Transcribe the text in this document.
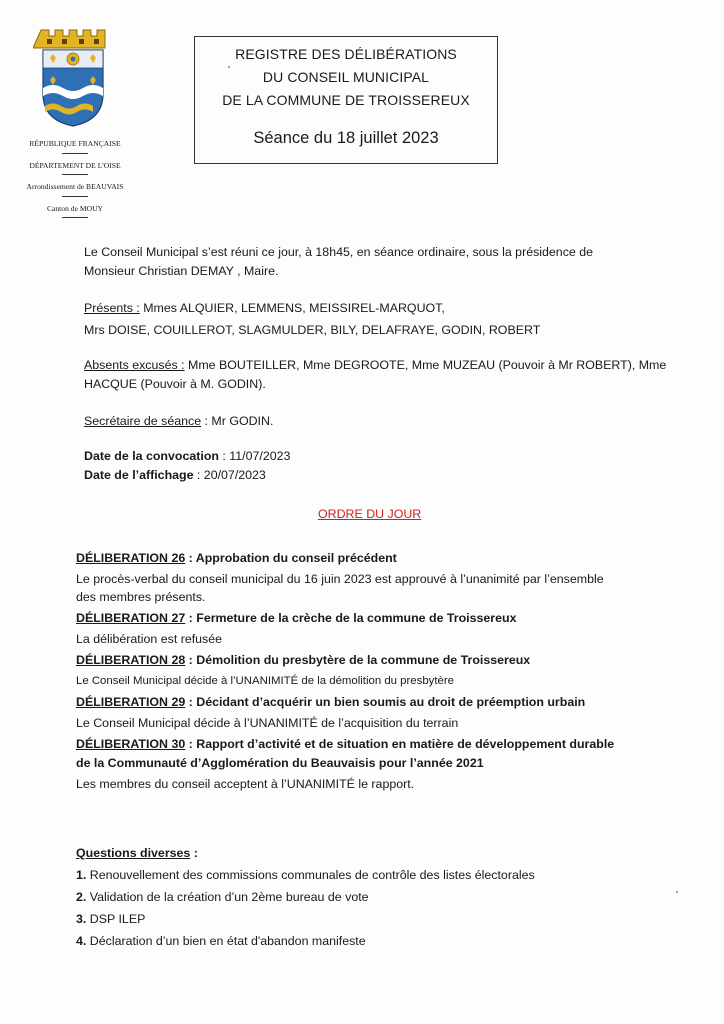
RÉPUBLIQUE FRANÇAISE
DÉPARTEMENT DE L'OISE
Arrondissement de BEAUVAIS
Canton de MOUY
REGISTRE DES DÉLIBÉRATIONS
DU CONSEIL MUNICIPAL
DE LA COMMUNE DE TROISSEREUX
Séance du 18 juillet 2023

Le Conseil Municipal s’est réuni ce jour, à 18h45, en séance ordinaire, sous la présidence de

Monsieur Christian DEMAY , Maire.

Présents : Mmes ALQUIER, LEMMENS, MEISSIREL-MARQUOT,

Mrs DOISE, COUILLEROT, SLAGMULDER, BILY, DELAFRAYE, GODIN, ROBERT

Absents excusés : Mme BOUTEILLER, Mme DEGROOTE, Mme MUZEAU (Pouvoir à Mr ROBERT), Mme

HACQUE (Pouvoir à M. GODIN).

Secrétaire de séance : Mr GODIN.

Date de la convocation : 11/07/2023

Date de l’affichage : 20/07/2023

ORDRE DU JOUR

DÉLIBERATION 26 : Approbation du conseil précédent

Le procès-verbal du conseil municipal du 16 juin 2023 est approuvé à l’unanimité par l’ensemble

des membres présents.

DÉLIBERATION 27 : Fermeture de la crèche de la commune de Troissereux

La délibération est refusée

DÉLIBERATION 28 : Démolition du presbytère de la commune de Troissereux

Le Conseil Municipal décide à l’UNANIMITÉ de la démolition du presbytère

DÉLIBERATION 29 : Décidant d’acquérir un bien soumis au droit de préemption urbain

Le Conseil Municipal décide à l’UNANIMITÉ de l’acquisition du terrain

DÉLIBERATION 30 : Rapport d’activité et de situation en matière de développement durable

de la Communauté d’Agglomération du Beauvaisis pour l’année 2021

Les membres du conseil acceptent à l’UNANIMITÉ le rapport.

Questions diverses :
1. Renouvellement des commissions communales de contrôle des listes électorales
2. Validation de la création d’un 2ème bureau de vote
3. DSP ILEP
4. Déclaration d’un bien en état d'abandon manifeste
